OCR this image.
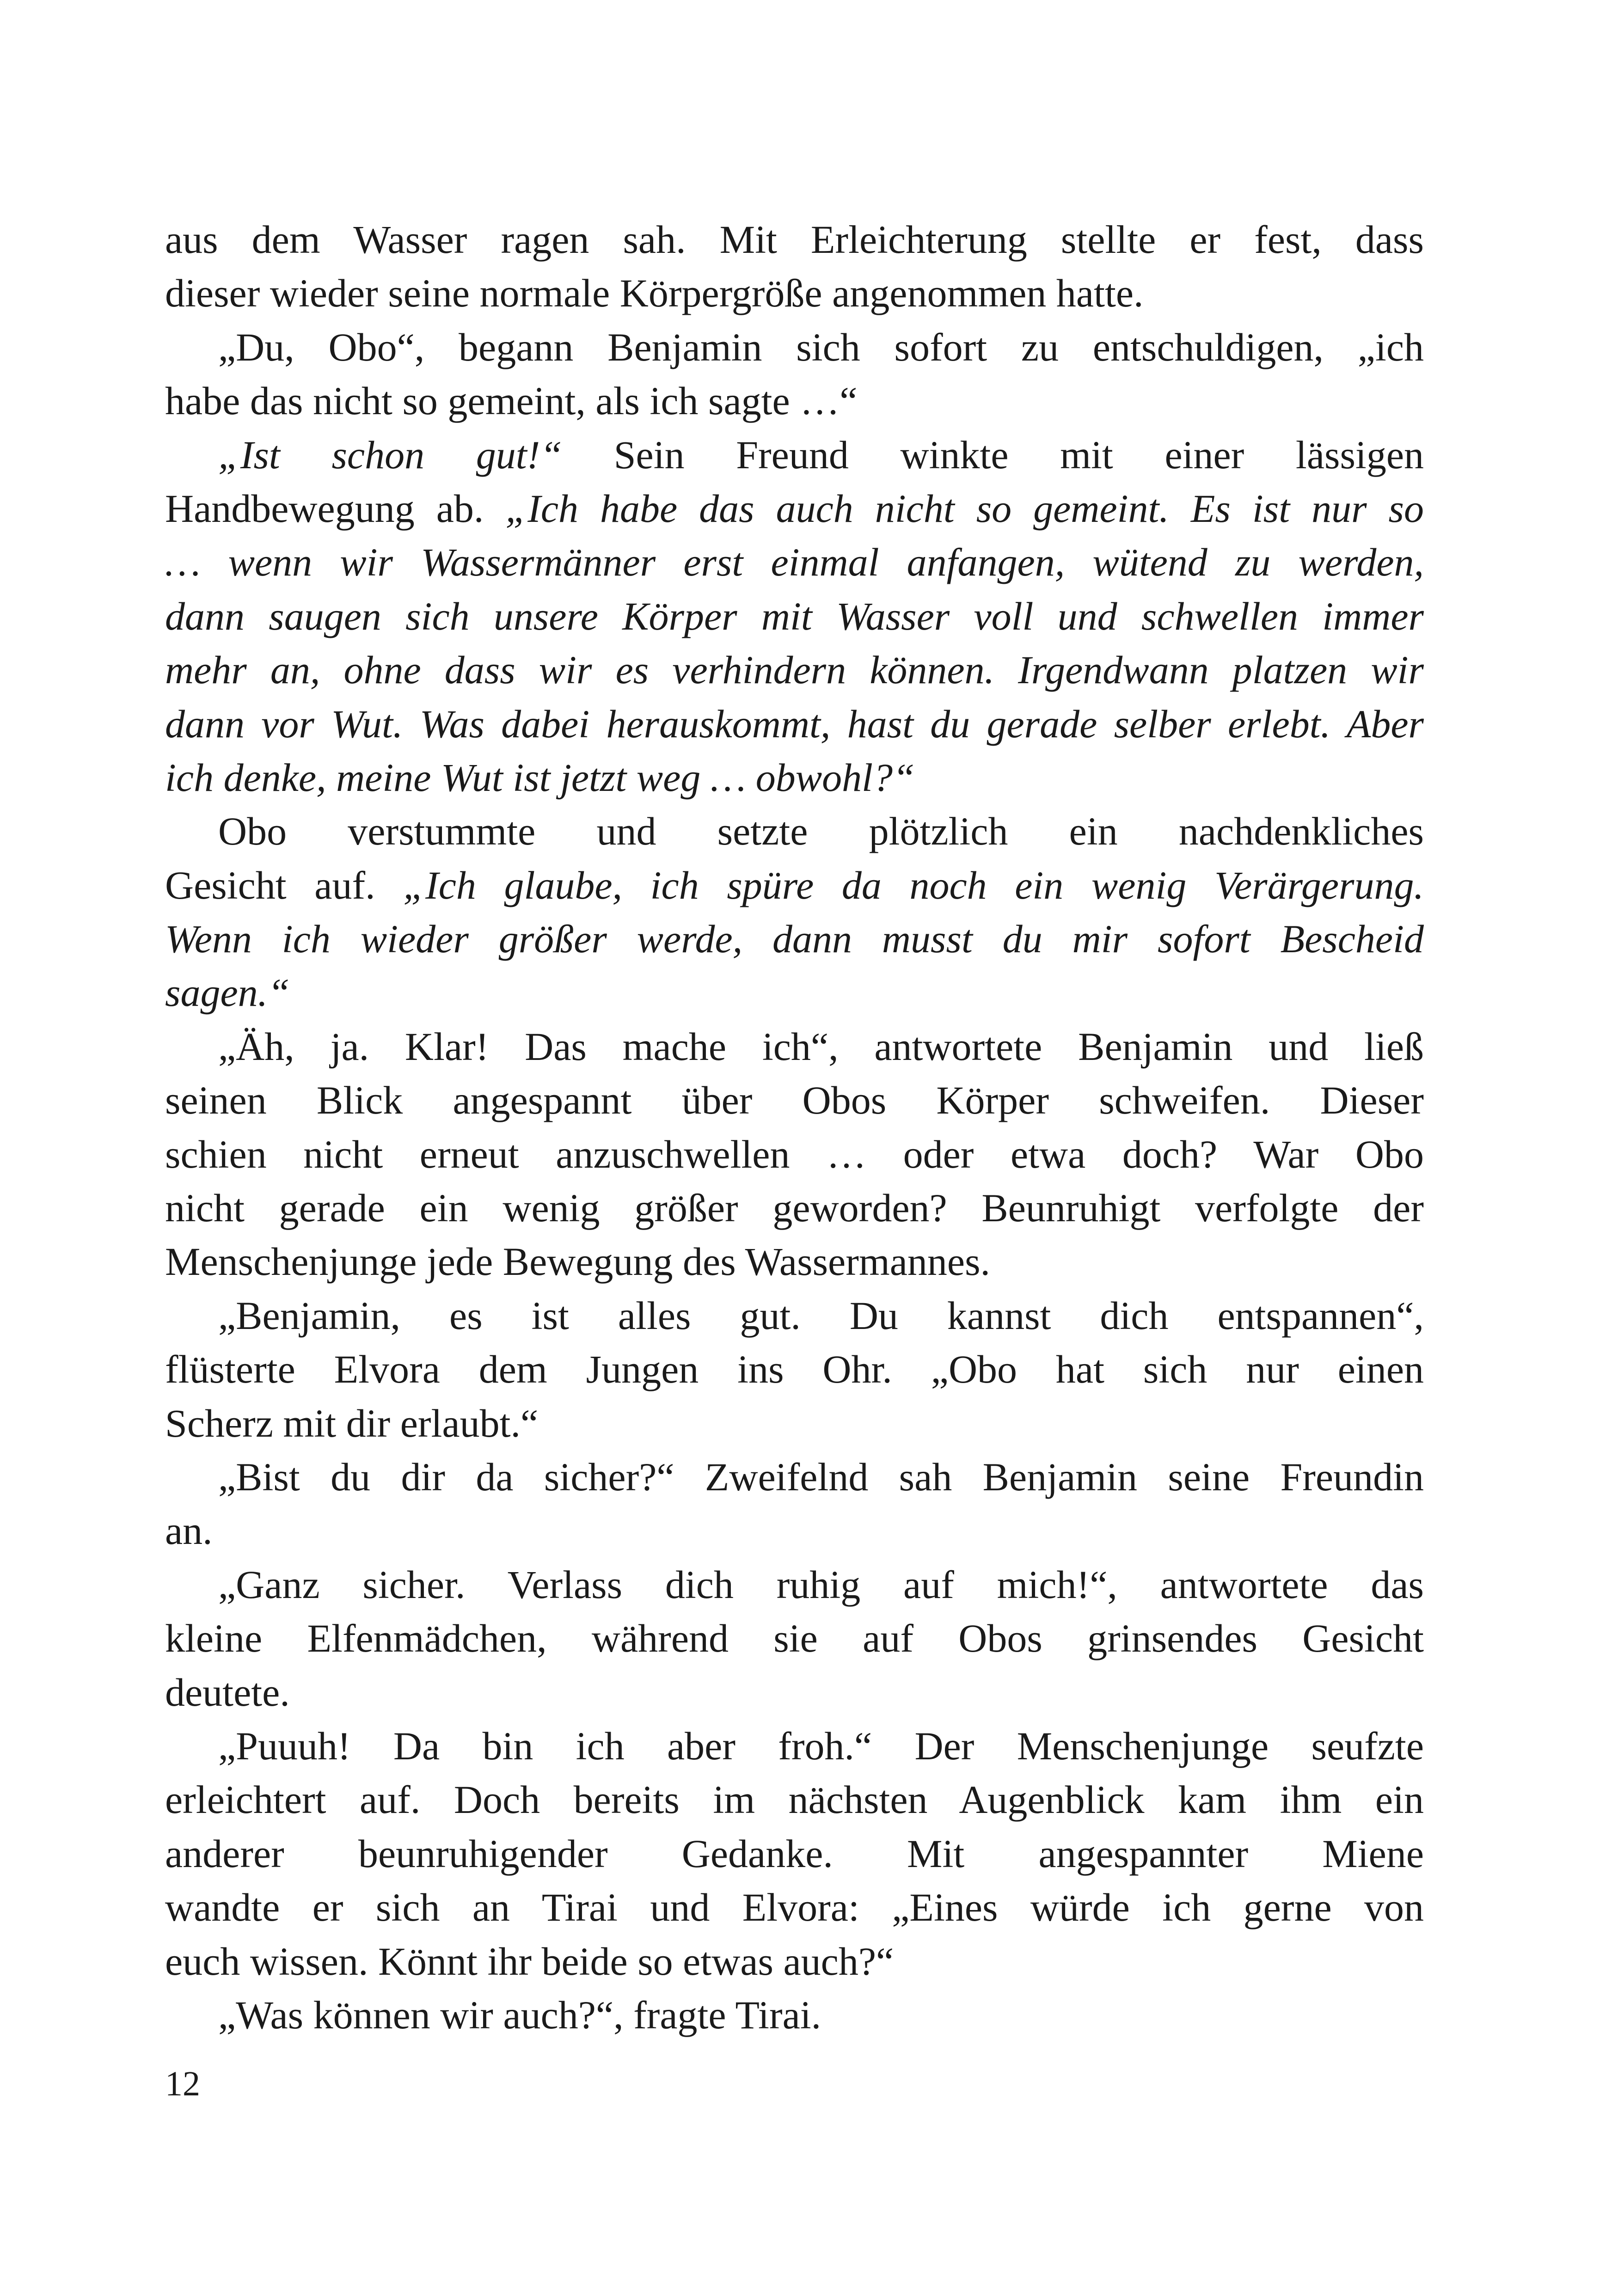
aus dem Wasser ragen sah. Mit Erleichterung stellte er fest, dass
dieser wieder seine normale Körpergröße angenommen hatte.
„Du, Obo“, begann Benjamin sich sofort zu entschuldigen, „ich
habe das nicht so gemeint, als ich sagte …“
„Ist schon gut!“ Sein Freund winkte mit einer lässigen
Handbewegung ab. „Ich habe das auch nicht so gemeint. Es ist nur so
… wenn wir Wassermänner erst einmal anfangen, wütend zu werden,
dann saugen sich unsere Körper mit Wasser voll und schwellen immer
mehr an, ohne dass wir es verhindern können. Irgendwann platzen wir
dann vor Wut. Was dabei herauskommt, hast du gerade selber erlebt. Aber
ich denke, meine Wut ist jetzt weg … obwohl?“
Obo verstummte und setzte plötzlich ein nachdenkliches
Gesicht auf. „Ich glaube, ich spüre da noch ein wenig Verärgerung.
Wenn ich wieder größer werde, dann musst du mir sofort Bescheid
sagen.“
„Äh, ja. Klar! Das mache ich“, antwortete Benjamin und ließ
seinen Blick angespannt über Obos Körper schweifen. Dieser
schien nicht erneut anzuschwellen … oder etwa doch? War Obo
nicht gerade ein wenig größer geworden? Beunruhigt verfolgte der
Menschenjunge jede Bewegung des Wassermannes.
„Benjamin, es ist alles gut. Du kannst dich entspannen“,
flüsterte Elvora dem Jungen ins Ohr. „Obo hat sich nur einen
Scherz mit dir erlaubt.“
„Bist du dir da sicher?“ Zweifelnd sah Benjamin seine Freundin
an.
„Ganz sicher. Verlass dich ruhig auf mich!“, antwortete das
kleine Elfenmädchen, während sie auf Obos grinsendes Gesicht
deutete.
„Puuuh! Da bin ich aber froh.“ Der Menschenjunge seufzte
erleichtert auf. Doch bereits im nächsten Augenblick kam ihm ein
anderer beunruhigender Gedanke. Mit angespannter Miene
wandte er sich an Tirai und Elvora: „Eines würde ich gerne von
euch wissen. Könnt ihr beide so etwas auch?“
„Was können wir auch?“, fragte Tirai.
12
